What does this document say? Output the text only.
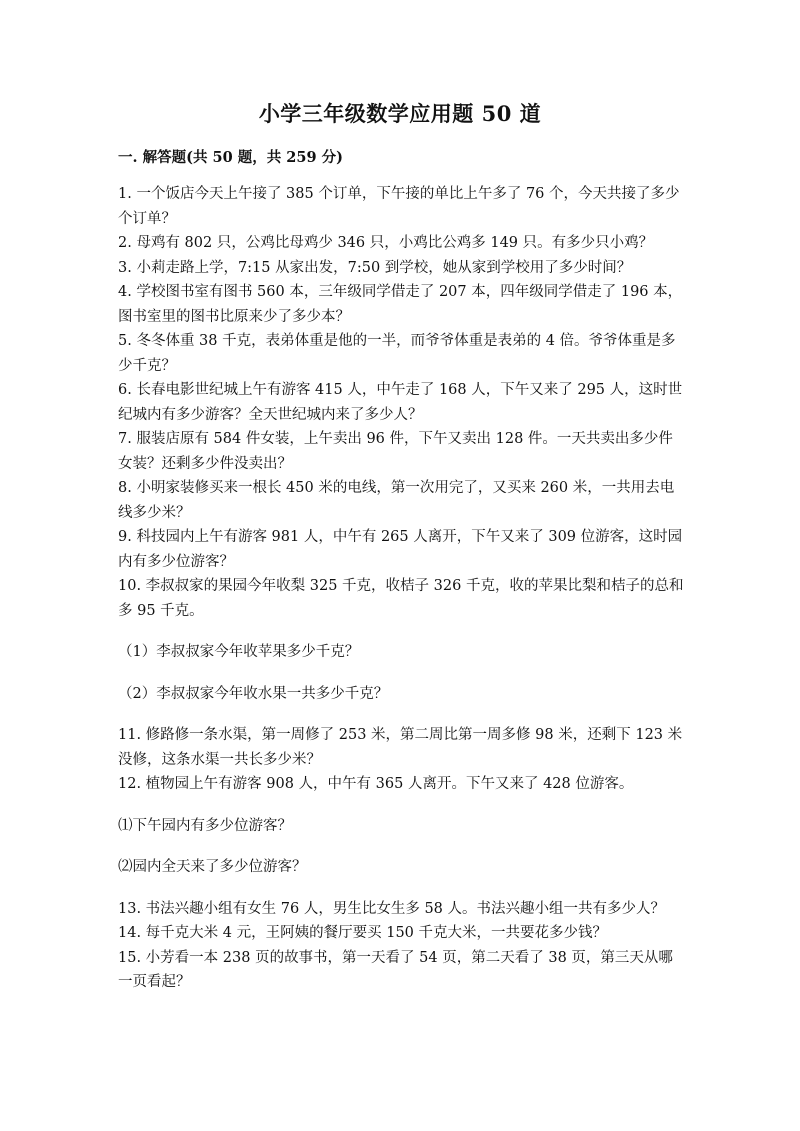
小学三年级数学应用题 50 道
一. 解答题(共 50 题，共 259 分)

1. 一个饭店今天上午接了 385 个订单，下午接的单比上午多了 76 个，今天共接了多少个订单？

2. 母鸡有 802 只，公鸡比母鸡少 346 只，小鸡比公鸡多 149 只。有多少只小鸡？

3. 小莉走路上学，7:15 从家出发，7:50 到学校，她从家到学校用了多少时间？

4. 学校图书室有图书 560 本，三年级同学借走了 207 本，四年级同学借走了 196 本，图书室里的图书比原来少了多少本？

5. 冬冬体重 38 千克，表弟体重是他的一半，而爷爷体重是表弟的 4 倍。爷爷体重是多少千克？

6. 长春电影世纪城上午有游客 415 人，中午走了 168 人，下午又来了 295 人，这时世纪城内有多少游客？全天世纪城内来了多少人？

7. 服装店原有 584 件女装，上午卖出 96 件，下午又卖出 128 件。一天共卖出多少件女装？还剩多少件没卖出？

8. 小明家装修买来一根长 450 米的电线，第一次用完了，又买来 260 米，一共用去电线多少米？

9. 科技园内上午有游客 981 人，中午有 265 人离开，下午又来了 309 位游客，这时园内有多少位游客？

10. 李叔叔家的果园今年收梨 325 千克，收桔子 326 千克，收的苹果比梨和桔子的总和多 95 千克。

（1）李叔叔家今年收苹果多少千克？

（2）李叔叔家今年收水果一共多少千克？

11. 修路修一条水渠，第一周修了 253 米，第二周比第一周多修 98 米，还剩下 123 米没修，这条水渠一共长多少米？

12. 植物园上午有游客 908 人，中午有 365 人离开。下午又来了 428 位游客。

⑴下午园内有多少位游客？

⑵园内全天来了多少位游客？

13. 书法兴趣小组有女生 76 人，男生比女生多 58 人。书法兴趣小组一共有多少人？

14. 每千克大米 4 元，王阿姨的餐厅要买 150 千克大米，一共要花多少钱？

15. 小芳看一本 238 页的故事书，第一天看了 54 页，第二天看了 38 页，第三天从哪一页看起？
